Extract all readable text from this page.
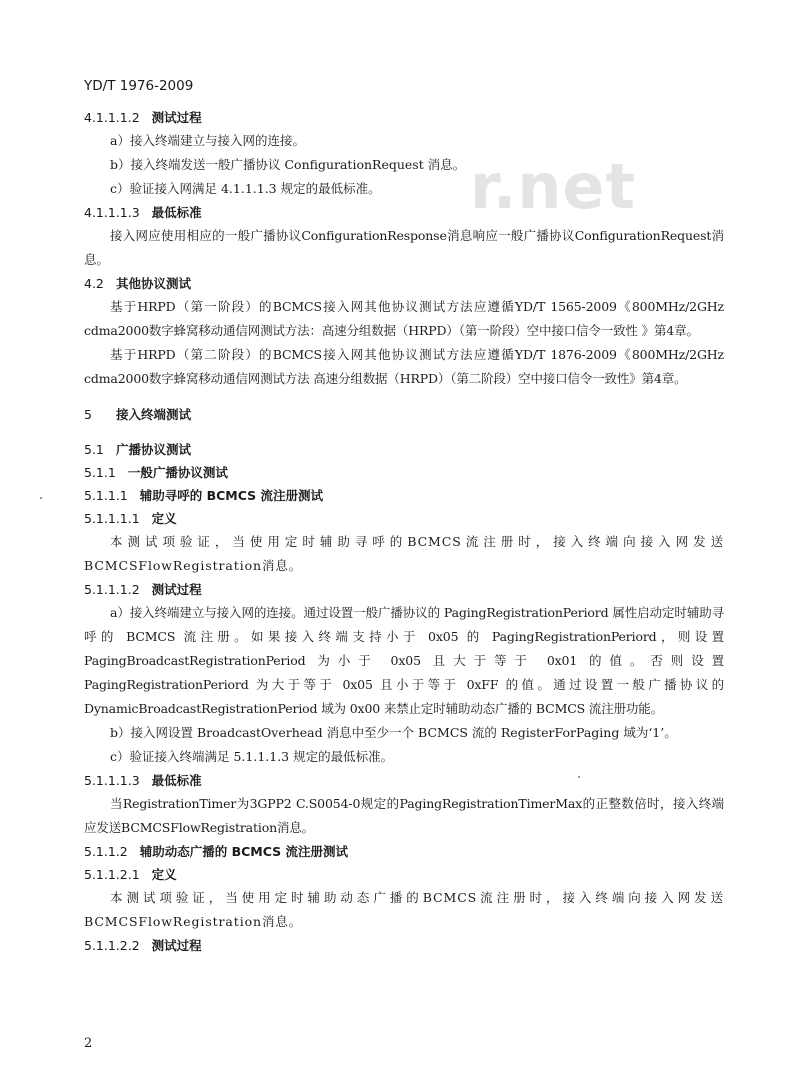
r.net
YD/T 1976-2009
4.1.1.1.2 测试过程
a）接入终端建立与接入网的连接。
b）接入终端发送一般广播协议 ConfigurationRequest 消息。
c）验证接入网满足 4.1.1.1.3 规定的最低标准。
4.1.1.1.3 最低标准
接入网应使用相应的一般广播协议ConfigurationResponse消息响应一般广播协议ConfigurationRequest消息。
4.2 其他协议测试
基于HRPD（第一阶段）的BCMCS接入网其他协议测试方法应遵循YD/T 1565-2009《800MHz/2GHz cdma2000数字蜂窝移动通信网测试方法：高速分组数据（HRPD）（第一阶段）空中接口信令一致性 》第4章。
基于HRPD（第二阶段）的BCMCS接入网其他协议测试方法应遵循YD/T 1876-2009《800MHz/2GHz cdma2000数字蜂窝移动通信网测试方法 高速分组数据（HRPD）（第二阶段）空中接口信令一致性》第4章。
5 接入终端测试
5.1 广播协议测试
5.1.1 一般广播协议测试
5.1.1.1 辅助寻呼的 BCMCS 流注册测试
5.1.1.1.1 定义
本测试项验证，当使用定时辅助寻呼的BCMCS流注册时，接入终端向接入网发送BCMCSFlowRegistration消息。
5.1.1.1.2 测试过程
a）接入终端建立与接入网的连接。通过设置一般广播协议的 PagingRegistrationPeriord 属性启动定时辅助寻呼的 BCMCS 流注册。如果接入终端支持小于 0x05 的 PagingRegistrationPeriord，则设置 PagingBroadcastRegistrationPeriod 为小于 0x05 且大于等于 0x01 的值。否则设置 PagingRegistrationPeriord 为大于等于 0x05 且小于等于 0xFF 的值。通过设置一般广播协议的 DynamicBroadcastRegistrationPeriod 域为 0x00 来禁止定时辅助动态广播的 BCMCS 流注册功能。
b）接入网设置 BroadcastOverhead 消息中至少一个 BCMCS 流的 RegisterForPaging 域为‘1’。
c）验证接入终端满足 5.1.1.1.3 规定的最低标准。
5.1.1.1.3 最低标准
当RegistrationTimer为3GPP2 C.S0054-0规定的PagingRegistrationTimerMax的正整数倍时，接入终端应发送BCMCSFlowRegistration消息。
5.1.1.2 辅助动态广播的 BCMCS 流注册测试
5.1.1.2.1 定义
本测试项验证，当使用定时辅助动态广播的BCMCS流注册时，接入终端向接入网发送BCMCSFlowRegistration消息。
5.1.1.2.2 测试过程
2
